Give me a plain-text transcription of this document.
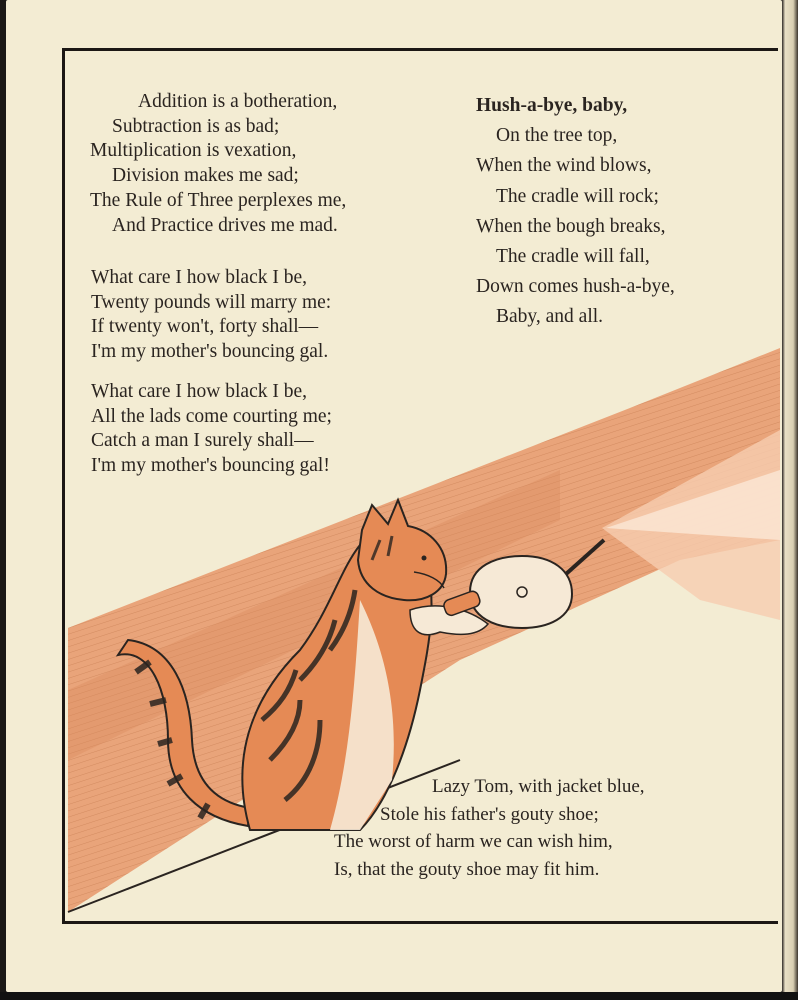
Addition is a botheration,
Subtraction is as bad;
Multiplication is vexation,
Division makes me sad;
The Rule of Three perplexes me,
And Practice drives me mad.
What care I how black I be,
Twenty pounds will marry me:
If twenty won't, forty shall—
I'm my mother's bouncing gal.
What care I how black I be,
All the lads come courting me;
Catch a man I surely shall—
I'm my mother's bouncing gal!
Hush-a-bye, baby,
On the tree top,
When the wind blows,
The cradle will rock;
When the bough breaks,
The cradle will fall,
Down comes hush-a-bye,
Baby, and all.
Lazy Tom, with jacket blue,
Stole his father's gouty shoe;
The worst of harm we can wish him,
Is, that the gouty shoe may fit him.
